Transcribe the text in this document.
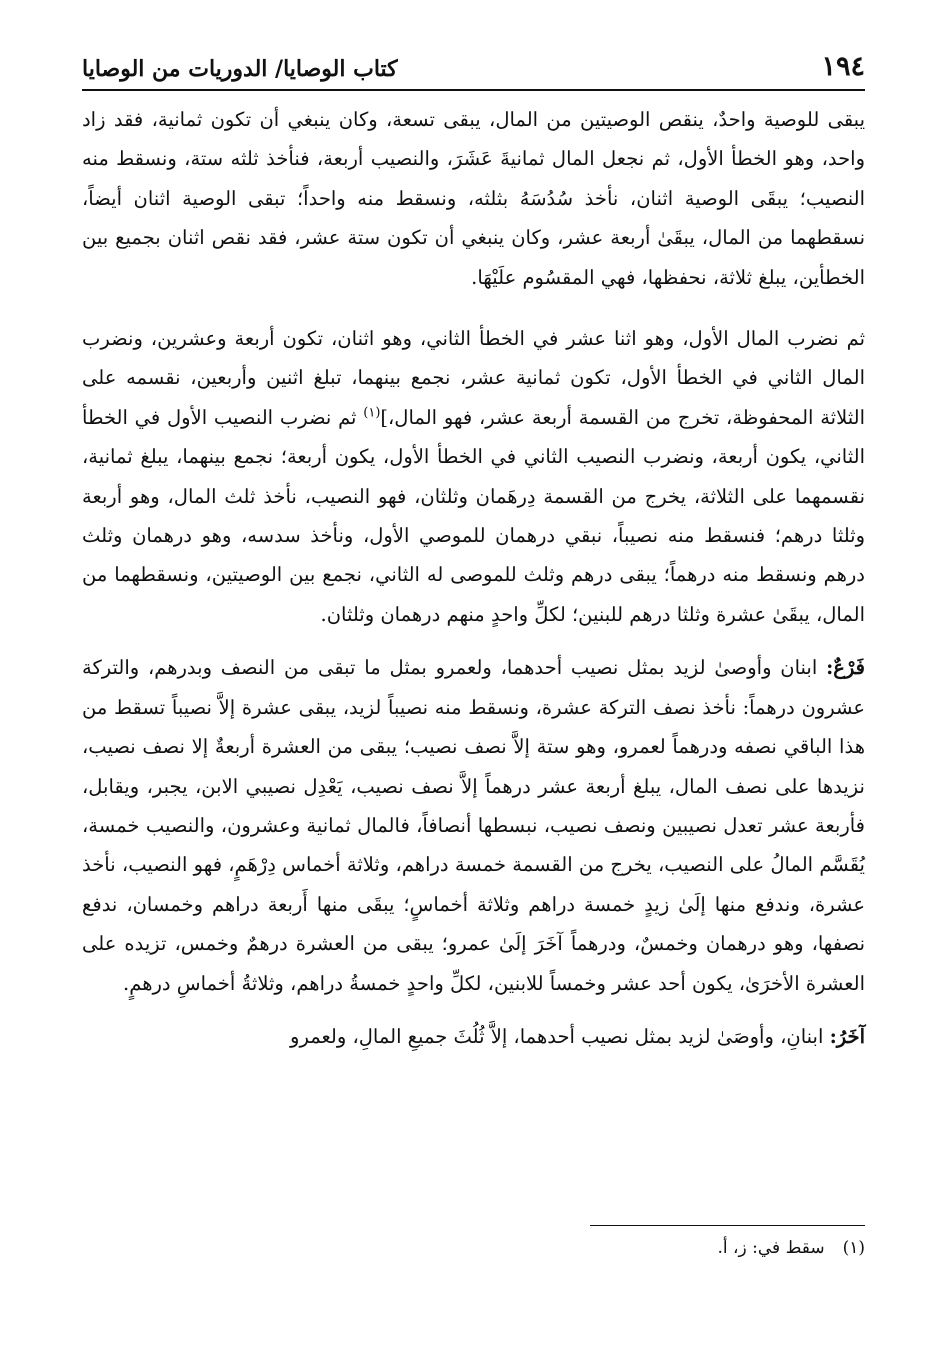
١٩٤
كتاب الوصايا/ الدوريات من الوصايا

يبقى للوصية واحدٌ، ينقص الوصيتين من المال، يبقى تسعة، وكان ينبغي أن تكون ثمانية، فقد زاد واحد، وهو الخطأ الأول، ثم نجعل المال ثمانيةَ عَشَرَ، والنصيب أربعة، فنأخذ ثلثه ستة، ونسقط منه النصيب؛ يبقَى الوصية اثنان، نأخذ سُدُسَهُ بثلثه، ونسقط منه واحداً؛ تبقى الوصية اثنان أيضاً، نسقطهما من المال، يبقَىٰ أربعة عشر، وكان ينبغي أن تكون ستة عشر، فقد نقص اثنان بجميع بين الخطأين، يبلغ ثلاثة، نحفظها، فهي المقسُوم علَيْهَا.

ثم نضرب المال الأول، وهو اثنا عشر في الخطأ الثاني، وهو اثنان، تكون أربعة وعشرين، ونضرب المال الثاني في الخطأ الأول، تكون ثمانية عشر، نجمع بينهما، تبلغ اثنين وأربعين، نقسمه على الثلاثة المحفوظة، تخرج من القسمة أربعة عشر، فهو المال،]$^{(١)}$ ثم نضرب النصيب الأول في الخطأ الثاني، يكون أربعة، ونضرب النصيب الثاني في الخطأ الأول، يكون أربعة؛ نجمع بينهما، يبلغ ثمانية، نقسمهما على الثلاثة، يخرج من القسمة دِرهَمان وثلثان، فهو النصيب، نأخذ ثلث المال، وهو أربعة وثلثا درهم؛ فنسقط منه نصيباً، نبقي درهمان للموصي الأول، ونأخذ سدسه، وهو درهمان وثلث درهم ونسقط منه درهماً؛ يبقى درهم وثلث للموصى له الثاني، نجمع بين الوصيتين، ونسقطهما من المال، يبقَىٰ عشرة وثلثا درهم للبنين؛ لكلِّ واحدٍ منهم درهمان وثلثان.

فَرْعٌ: ابنان وأوصىٰ لزيد بمثل نصيب أحدهما، ولعمرو بمثل ما تبقى من النصف وبدرهم، والتركة عشرون درهماً: نأخذ نصف التركة عشرة، ونسقط منه نصيباً لزيد، يبقى عشرة إلاَّ نصيباً تسقط من هذا الباقي نصفه ودرهماً لعمرو، وهو ستة إلاَّ نصف نصيب؛ يبقى من العشرة أربعةٌ إلا نصف نصيب، نزيدها على نصف المال، يبلغ أربعة عشر درهماً إلاَّ نصف نصيب، يَعْدِل نصيبي الابن، يجبر، ويقابل، فأربعة عشر تعدل نصيبين ونصف نصيب، نبسطها أنصافاً، فالمال ثمانية وعشرون، والنصيب خمسة، يُقَسَّم المالُ على النصيب، يخرج من القسمة خمسة دراهم، وثلاثة أخماس دِرْهَمٍ، فهو النصيب، نأخذ عشرة، وندفع منها إلَىٰ زيدٍ خمسة دراهم وثلاثة أخماسٍ؛ يبقَى منها أَربعة دراهم وخمسان، ندفع نصفها، وهو درهمان وخمسٌ، ودرهماً آخَرَ إلَىٰ عمرو؛ يبقى من العشرة درهمٌ وخمس، تزيده على العشرة الأخرَىٰ، يكون أحد عشر وخمساً للابنين، لكلِّ واحدٍ خمسةُ دراهم، وثلاثةُ أخماسِ درهمٍ.

آخَرُ: ابنانِ، وأوصَىٰ لزيد بمثل نصيب أحدهما، إلاَّ ثُلُثَ جميعِ المالِ، ولعمرو

(١)سقط في: ز، أ.
